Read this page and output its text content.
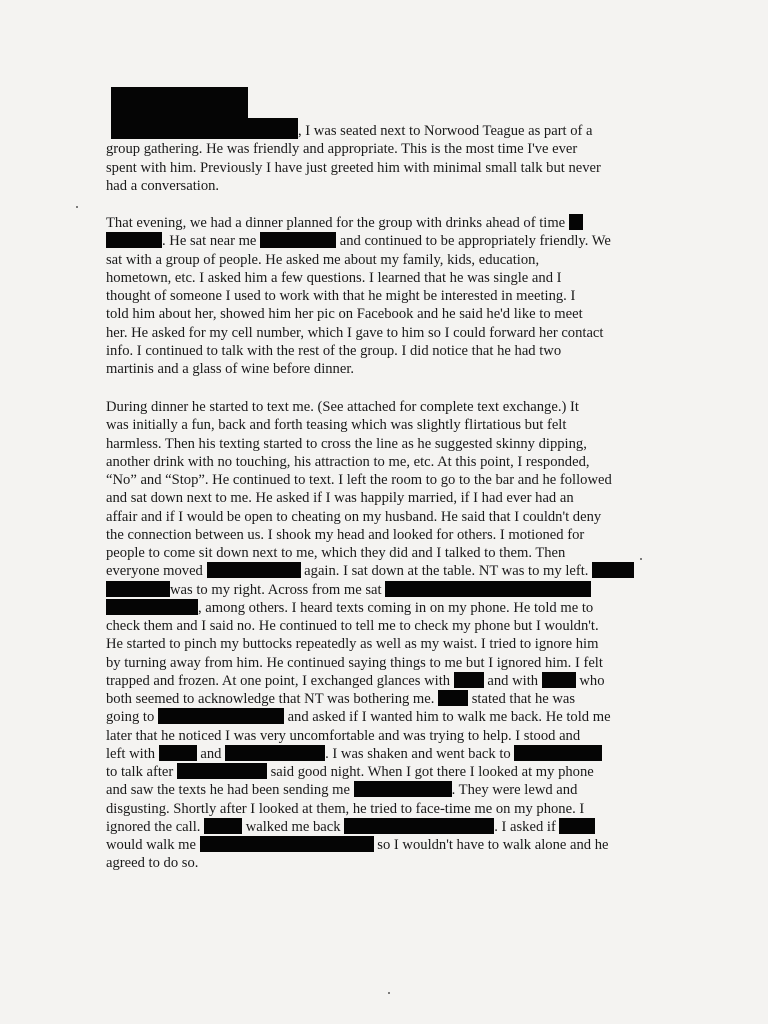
, I was seated next to Norwood Teague as part of a
group gathering. He was friendly and appropriate. This is the most time I've ever
spent with him. Previously I have just greeted him with minimal small talk but never
had a conversation.
That evening, we had a dinner planned for the group with drinks ahead of time
. He sat near me	and continued to be appropriately friendly. We
sat with a group of people. He asked me about my family, kids, education,
hometown, etc. I asked him a few questions. I learned that he was single and I
thought of someone I used to work with that he might be interested in meeting. I
told him about her, showed him her pic on Facebook and he said he'd like to meet
her. He asked for my cell number, which I gave to him so I could forward her contact
info. I continued to talk with the rest of the group. I did notice that he had two
martinis and a glass of wine before dinner.
During dinner he started to text me. (See attached for complete text exchange.) It
was initially a fun, back and forth teasing which was slightly flirtatious but felt
harmless. Then his texting started to cross the line as he suggested skinny dipping,
another drink with no touching, his attraction to me, etc. At this point, I responded,
“No” and “Stop”. He continued to text. I left the room to go to the bar and he followed
and sat down next to me. He asked if I was happily married, if I had ever had an
affair and if I would be open to cheating on my husband. He said that I couldn't deny
the connection between us. I shook my head and looked for others. I motioned for
people to come sit down next to me, which they did and I talked to them. Then
everyone moved	again. I sat down at the table. NT was to my left.
was to my right. Across from me sat
, among others. I heard texts coming in on my phone. He told me to
check them and I said no. He continued to tell me to check my phone but I wouldn't.
He started to pinch my buttocks repeatedly as well as my waist. I tried to ignore him
by turning away from him. He continued saying things to me but I ignored him. I felt
trapped and frozen. At one point, I exchanged glances with	and with	who
both seemed to acknowledge that NT was bothering me.	stated that he was
going to	and asked if I wanted him to walk me back. He told me
later that he noticed I was very uncomfortable and was trying to help. I stood and
left with	and	. I was shaken and went back to
to talk after	said good night. When I got there I looked at my phone
and saw the texts he had been sending me	. They were lewd and
disgusting. Shortly after I looked at them, he tried to face-time me on my phone. I
ignored the call.	walked me back	. I asked if
would walk me	so I wouldn't have to walk alone and he
agreed to do so.
